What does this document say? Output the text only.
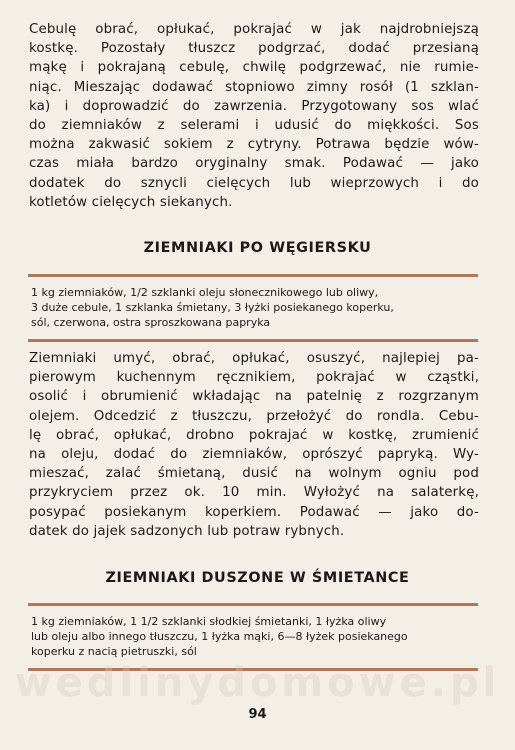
Cebulę obrać, opłukać, pokrajać w jak najdrobniejszą
kostkę. Pozostały tłuszcz podgrzać, dodać przesianą
mąkę i pokrajaną cebulę, chwilę podgrzewać, nie rumie-
niąc. Mieszając dodawać stopniowo zimny rosół (1 szklan-
ka) i doprowadzić do zawrzenia. Przygotowany sos wlać
do ziemniaków z selerami i udusić do miękkości. Sos
można zakwasić sokiem z cytryny. Potrawa będzie wów-
czas miała bardzo oryginalny smak. Podawać — jako
dodatek do sznycli cielęcych lub wieprzowych i do
kotletów cielęcych siekanych.
ZIEMNIAKI PO WĘGIERSKU
1 kg ziemniaków, 1/2 szklanki oleju słonecznikowego lub oliwy,
3 duże cebule, 1 szklanka śmietany, 3 łyżki posiekanego koperku,
sól, czerwona, ostra sproszkowana papryka
Ziemniaki umyć, obrać, opłukać, osuszyć, najlepiej pa-
pierowym kuchennym ręcznikiem, pokrajać w cząstki,
osolić i obrumienić wkładając na patelnię z rozgrzanym
olejem. Odcedzić z tłuszczu, przełożyć do rondla. Cebu-
lę obrać, opłukać, drobno pokrajać w kostkę, zrumienić
na oleju, dodać do ziemniaków, oprószyć papryką. Wy-
mieszać, zalać śmietaną, dusić na wolnym ogniu pod
przykryciem przez ok. 10 min. Wyłożyć na salaterkę,
posypać posiekanym koperkiem. Podawać — jako do-
datek do jajek sadzonych lub potraw rybnych.
ZIEMNIAKI DUSZONE W ŚMIETANCE
1 kg ziemniaków, 1 1/2 szklanki słodkiej śmietanki, 1 łyżka oliwy
lub oleju albo innego tłuszczu, 1 łyżka mąki, 6—8 łyżek posiekanego
koperku z nacią pietruszki, sól
wedlinydomowe.pl
94
